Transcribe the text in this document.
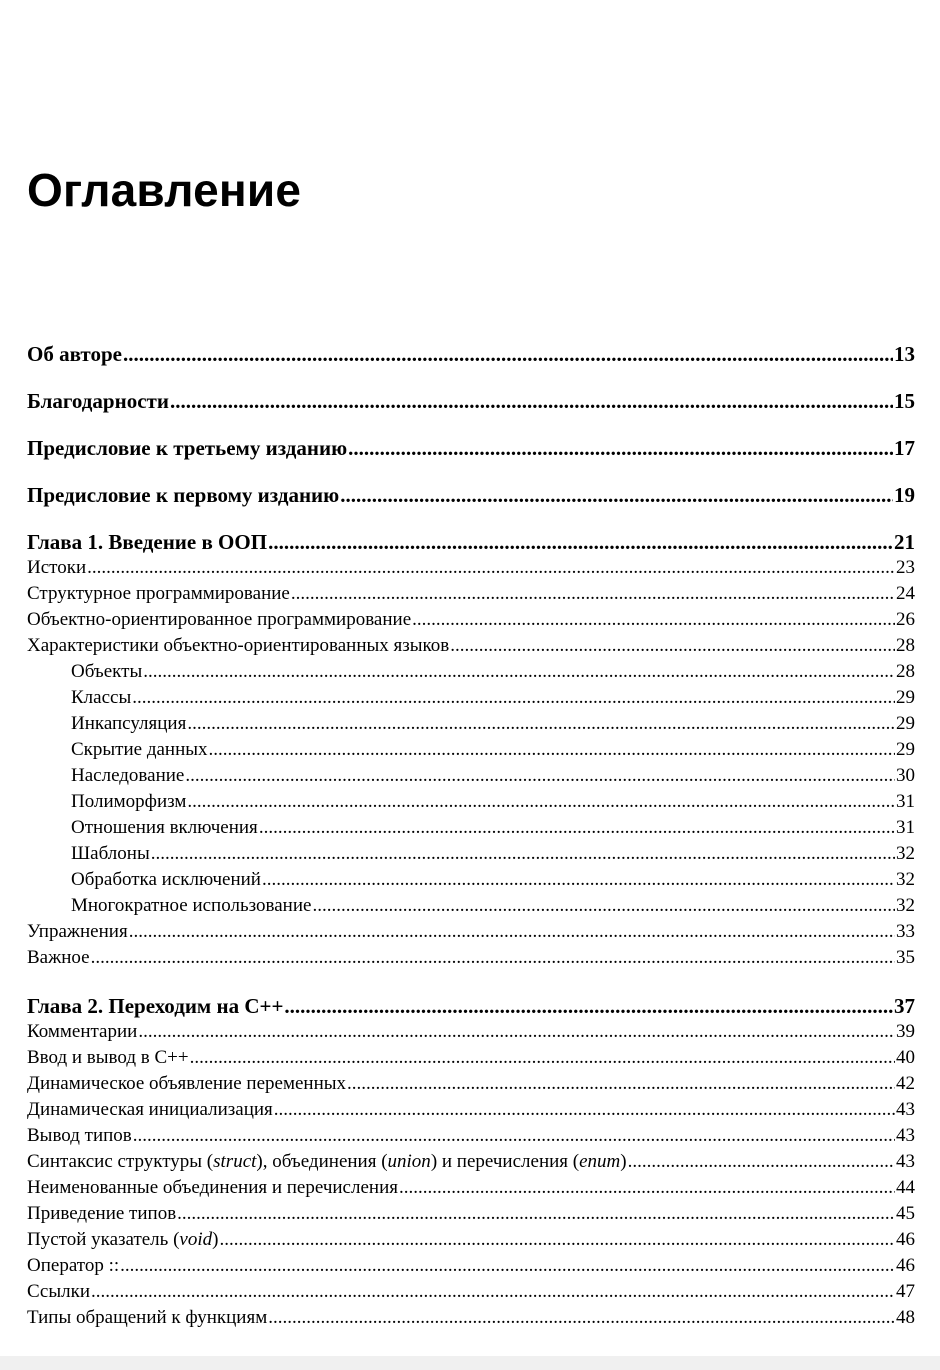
Оглавление
Об авторе .....	13
Благодарности .....	15
Предисловие к третьему изданию .....	17
Предисловие к первому изданию .....	19
Глава 1. Введение в ООП .....	21
Истоки .....	23
Структурное программирование .....	24
Объектно-ориентированное программирование .....	26
Характеристики объектно-ориентированных языков .....	28
Объекты .....	28
Классы .....	29
Инкапсуляция .....	29
Скрытие данных .....	29
Наследование .....	30
Полиморфизм .....	31
Отношения включения .....	31
Шаблоны .....	32
Обработка исключений .....	32
Многократное использование .....	32
Упражнения .....	33
Важное .....	35
Глава 2. Переходим на C++ .....	37
Комментарии .....	39
Ввод и вывод в C++ .....	40
Динамическое объявление переменных .....	42
Динамическая инициализация .....	43
Вывод типов .....	43
Синтаксис структуры (struct), объединения (union) и перечисления (enum) .....	43
Неименованные объединения и перечисления .....	44
Приведение типов .....	45
Пустой указатель (void) .....	46
Оператор :: .....	46
Ссылки .....	47
Типы обращений к функциям .....	48
